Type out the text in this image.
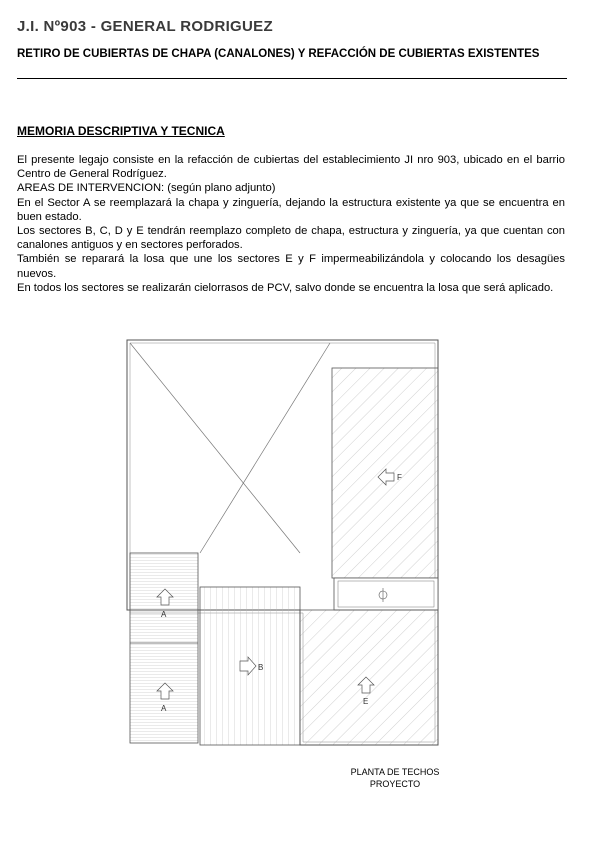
J.I. Nº903 - GENERAL RODRIGUEZ
RETIRO DE CUBIERTAS DE CHAPA (CANALONES) Y REFACCIÓN DE CUBIERTAS EXISTENTES
MEMORIA DESCRIPTIVA Y TECNICA

El presente legajo consiste en la refacción de cubiertas del establecimiento JI nro 903, ubicado en el barrio Centro de General Rodríguez.

AREAS DE INTERVENCION: (según plano adjunto)

En el Sector A se reemplazará la chapa y zinguería, dejando la estructura existente ya que se encuentra en buen estado.

Los sectores B, C, D y E tendrán reemplazo completo de chapa, estructura y zinguería, ya que cuentan con canalones antiguos y en sectores perforados.

También se reparará la losa que une los sectores E y F impermeabilizándola y colocando los desagües nuevos.

En todos los sectores se realizarán cielorrasos de PCV, salvo donde se encuentra la losa que será aplicado.

A
A
B
E
F
PLANTA DE TECHOS
PROYECTO
